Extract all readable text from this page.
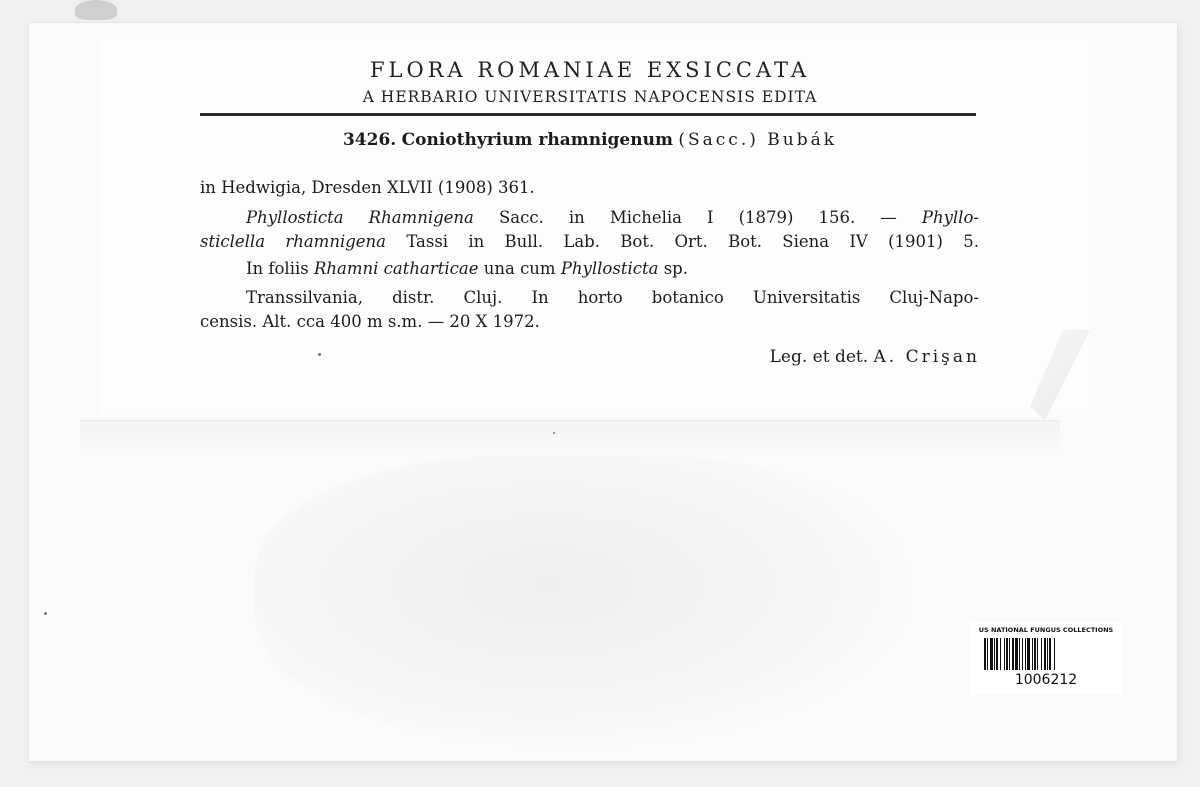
FLORA ROMANIAE EXSICCATA
A HERBARIO UNIVERSITATIS NAPOCENSIS EDITA
3426. Coniothyrium rhamnigenum (Sacc.) Bubák
in Hedwigia, Dresden XLVII (1908) 361.
Phyllosticta Rhamnigena Sacc. in Michelia I (1879) 156. — Phyllo-
sticlella rhamnigena Tassi in Bull. Lab. Bot. Ort. Bot. Siena IV (1901) 5.
In foliis Rhamni catharticae una cum Phyllosticta sp.
Transsilvania, distr. Cluj. In horto botanico Universitatis Cluj-Napo-
censis. Alt. cca 400 m s.m. — 20 X 1972.
Leg. et det. A. Crişan
US NATIONAL FUNGUS COLLECTIONS
1006212
